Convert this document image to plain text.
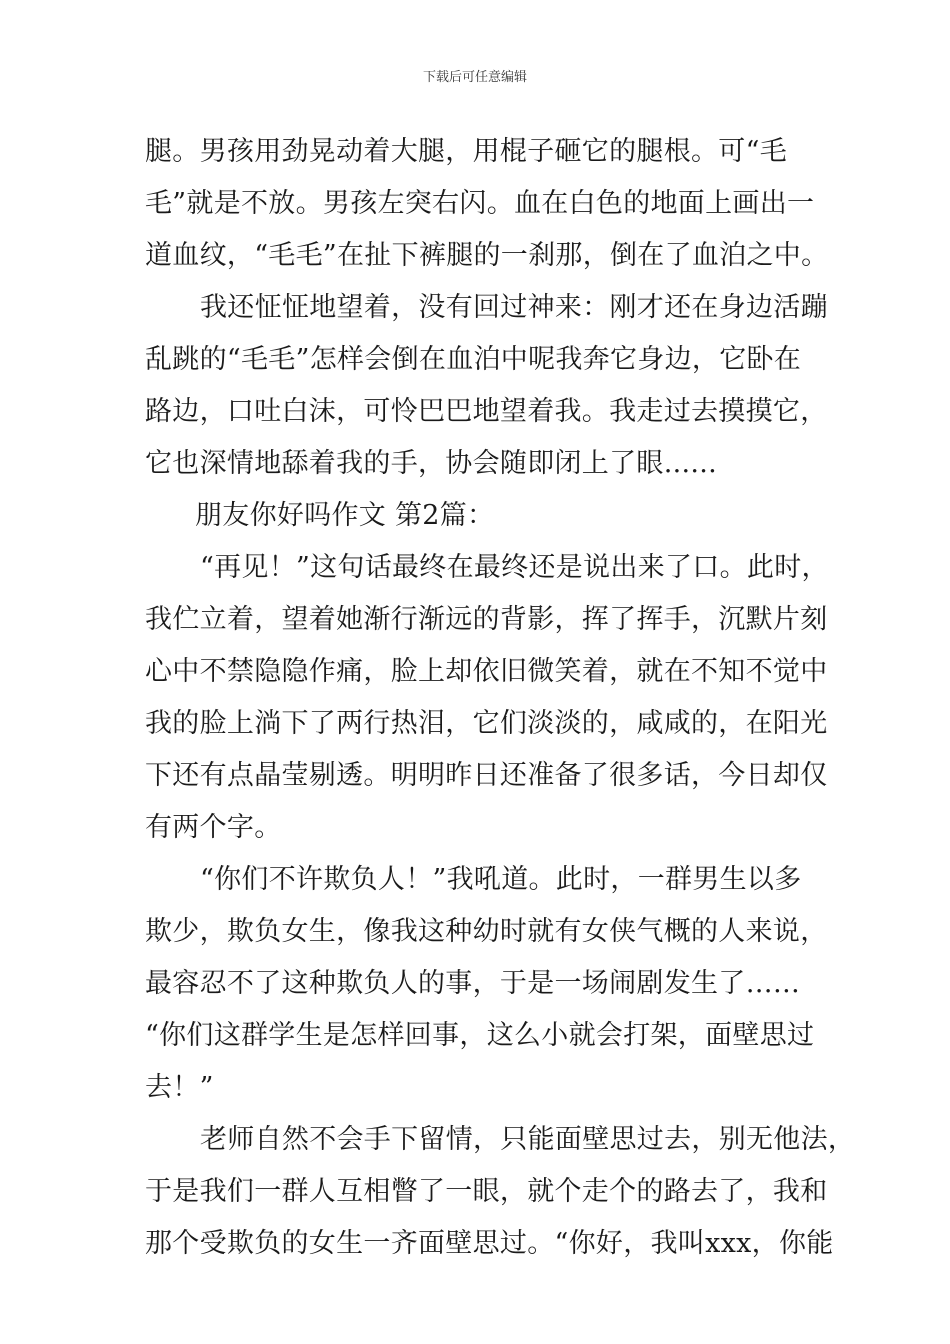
下载后可任意编辑
腿。男孩用劲晃动着大腿，用棍子砸它的腿根。可“毛
毛”就是不放。男孩左突右闪。血在白色的地面上画出一
道血纹，“毛毛”在扯下裤腿的一刹那，倒在了血泊之中。
我还怔怔地望着，没有回过神来：刚才还在身边活蹦
乱跳的“毛毛”怎样会倒在血泊中呢我奔它身边，它卧在
路边，口吐白沫，可怜巴巴地望着我。我走过去摸摸它，
它也深情地舔着我的手，协会随即闭上了眼......
朋友你好吗作文 第2篇：
“再见！”这句话最终在最终还是说出来了口。此时，
我伫立着，望着她渐行渐远的背影，挥了挥手，沉默片刻
心中不禁隐隐作痛，脸上却依旧微笑着，就在不知不觉中
我的脸上淌下了两行热泪，它们淡淡的，咸咸的，在阳光
下还有点晶莹剔透。明明昨日还准备了很多话，今日却仅
有两个字。
“你们不许欺负人！”我吼道。此时，一群男生以多
欺少，欺负女生，像我这种幼时就有女侠气概的人来说，
最容忍不了这种欺负人的事，于是一场闹剧发生了……
“你们这群学生是怎样回事，这么小就会打架，面壁思过
去！”
老师自然不会手下留情，只能面壁思过去，别无他法，
于是我们一群人互相瞥了一眼，就个走个的路去了，我和
那个受欺负的女生一齐面壁思过。“你好，我叫xxx，你能
